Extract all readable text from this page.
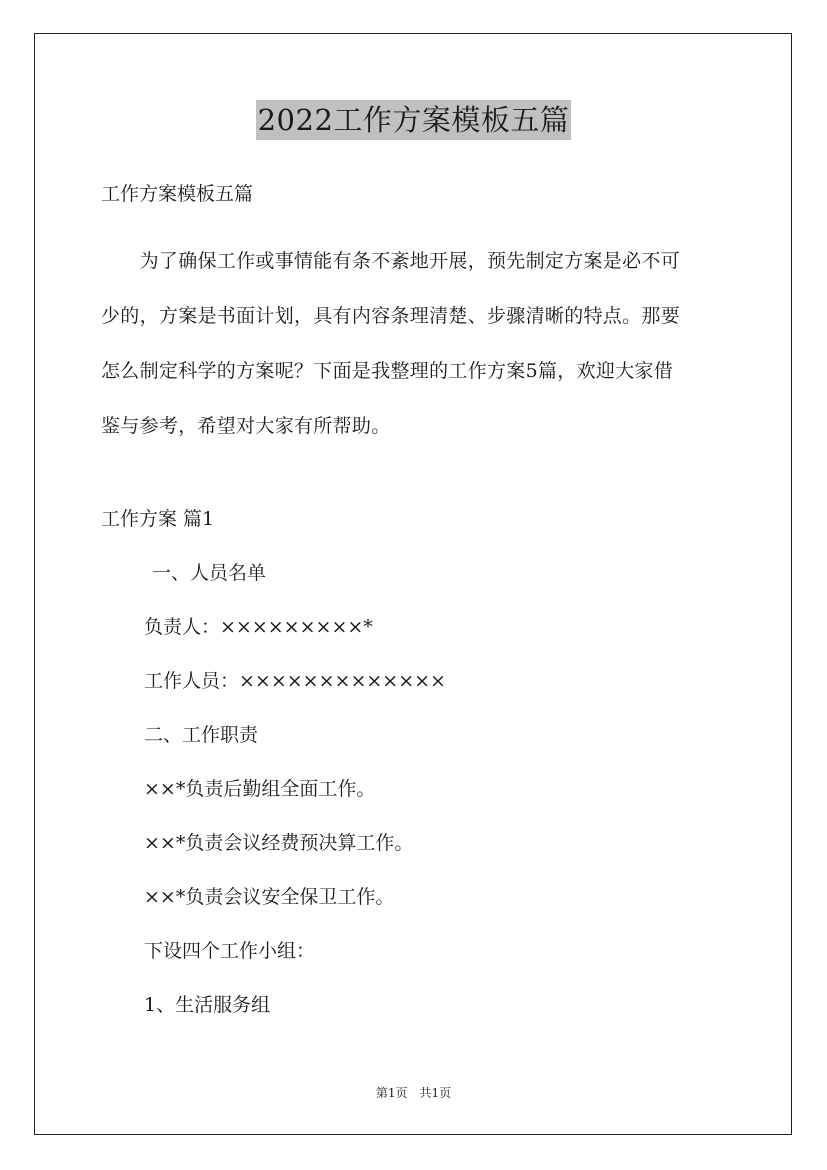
2022工作方案模板五篇
工作方案模板五篇
　　为了确保工作或事情能有条不紊地开展，预先制定方案是必不可
少的，方案是书面计划，具有内容条理清楚、步骤清晰的特点。那要
怎么制定科学的方案呢？下面是我整理的工作方案5篇，欢迎大家借
鉴与参考，希望对大家有所帮助。
工作方案 篇1
一、人员名单
负责人：×××××××××*
工作人员：×××××××××××××
二、工作职责
××*负责后勤组全面工作。
××*负责会议经费预决算工作。
××*负责会议安全保卫工作。
下设四个工作小组：
1、生活服务组
第1页　共1页
